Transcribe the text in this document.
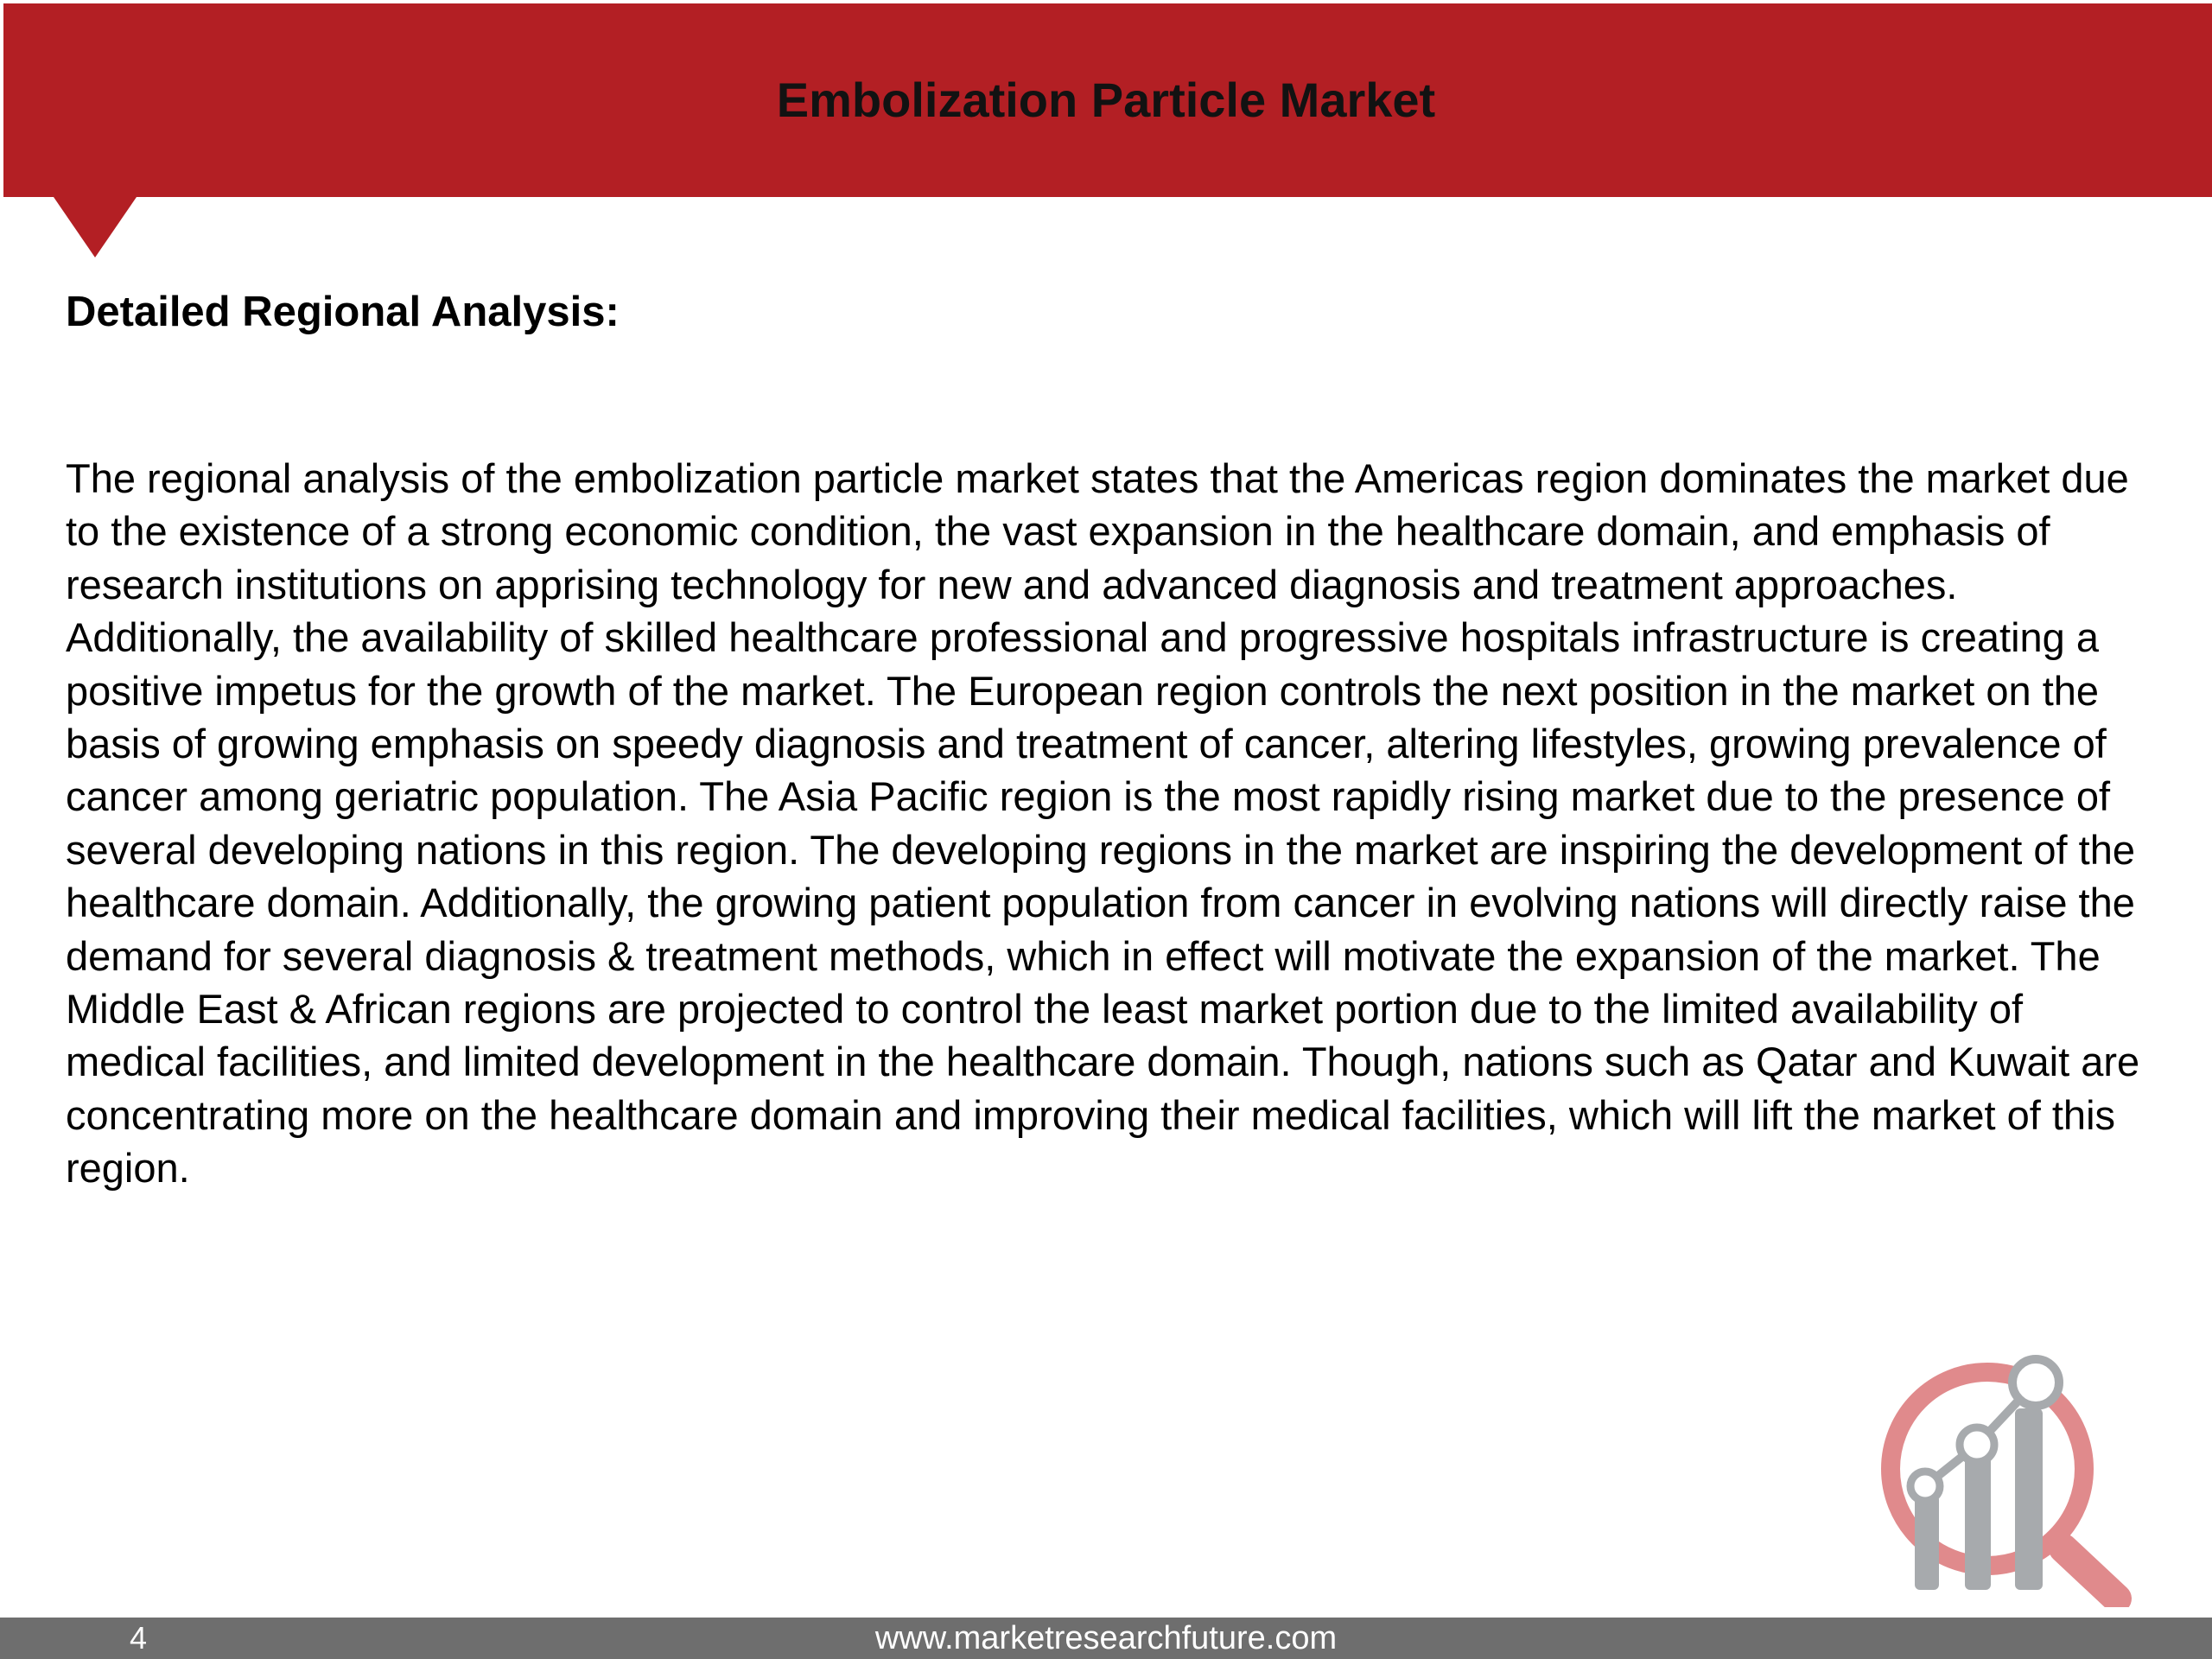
Embolization Particle Market
Detailed Regional Analysis:
The regional analysis of the embolization particle market states that the Americas region dominates the market due to the existence of a strong economic condition, the vast expansion in the healthcare domain, and emphasis of research institutions on apprising technology for new and advanced diagnosis and treatment approaches. Additionally, the availability of skilled healthcare professional and progressive hospitals infrastructure is creating a positive impetus for the growth of the market. The European region controls the next position in the market on the basis of growing emphasis on speedy diagnosis and treatment of cancer, altering lifestyles, growing prevalence of cancer among geriatric population. The Asia Pacific region is the most rapidly rising market due to the presence of several developing nations in this region. The developing regions in the market are inspiring the development of the healthcare domain. Additionally, the growing patient population from cancer in evolving nations will directly raise the demand for several diagnosis & treatment methods, which in effect will motivate the expansion of the market. The Middle East & African regions are projected to control the least market portion due to the limited availability of medical facilities, and limited development in the healthcare domain. Though, nations such as Qatar and Kuwait are concentrating more on the healthcare domain and improving their medical facilities, which will lift the market of this region.
4	www.marketresearchfuture.com
